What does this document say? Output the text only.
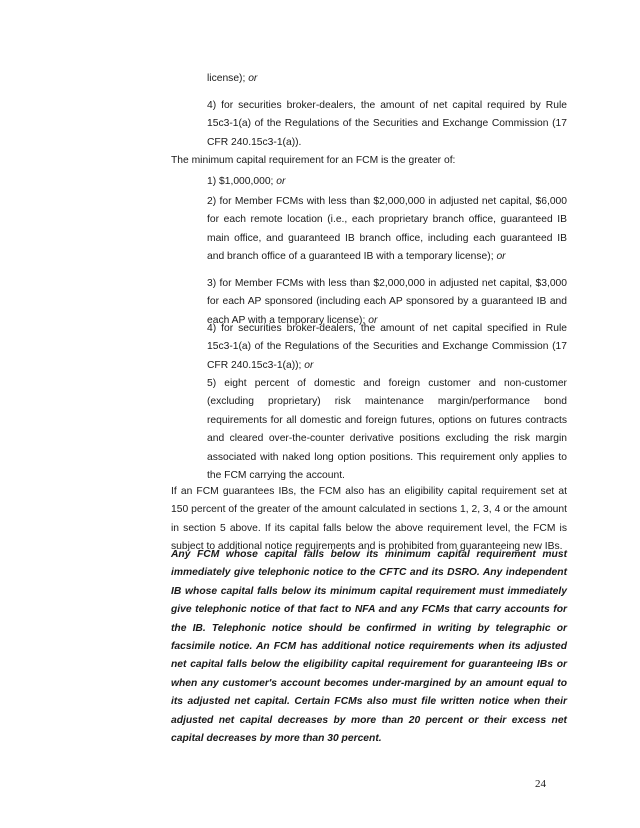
license); or

4) for securities broker-dealers, the amount of net capital required by Rule 15c3-1(a) of the Regulations of the Securities and Exchange Commission (17 CFR 240.15c3-1(a)).

The minimum capital requirement for an FCM is the greater of:

1) $1,000,000; or

2) for Member FCMs with less than $2,000,000 in adjusted net capital, $6,000 for each remote location (i.e., each proprietary branch office, guaranteed IB main office, and guaranteed IB branch office, including each guaranteed IB and branch office of a guaranteed IB with a temporary license); or

3) for Member FCMs with less than $2,000,000 in adjusted net capital, $3,000 for each AP sponsored (including each AP sponsored by a guaranteed IB and each AP with a temporary license); or

4) for securities broker-dealers, the amount of net capital specified in Rule 15c3-1(a) of the Regulations of the Securities and Exchange Commission (17 CFR 240.15c3-1(a)); or

5) eight percent of domestic and foreign customer and non-customer (excluding proprietary) risk maintenance margin/performance bond requirements for all domestic and foreign futures, options on futures contracts and cleared over-the-counter derivative positions excluding the risk margin associated with naked long option positions. This requirement only applies to the FCM carrying the account.

If an FCM guarantees IBs, the FCM also has an eligibility capital requirement set at 150 percent of the greater of the amount calculated in sections 1, 2, 3, 4 or the amount in section 5 above. If its capital falls below the above requirement level, the FCM is subject to additional notice requirements and is prohibited from guaranteeing new IBs.

Any FCM whose capital falls below its minimum capital requirement must immediately give telephonic notice to the CFTC and its DSRO. Any independent IB whose capital falls below its minimum capital requirement must immediately give telephonic notice of that fact to NFA and any FCMs that carry accounts for the IB. Telephonic notice should be confirmed in writing by telegraphic or facsimile notice. An FCM has additional notice requirements when its adjusted net capital falls below the eligibility capital requirement for guaranteeing IBs or when any customer's account becomes under-margined by an amount equal to its adjusted net capital. Certain FCMs also must file written notice when their adjusted net capital decreases by more than 20 percent or their excess net capital decreases by more than 30 percent.

24
